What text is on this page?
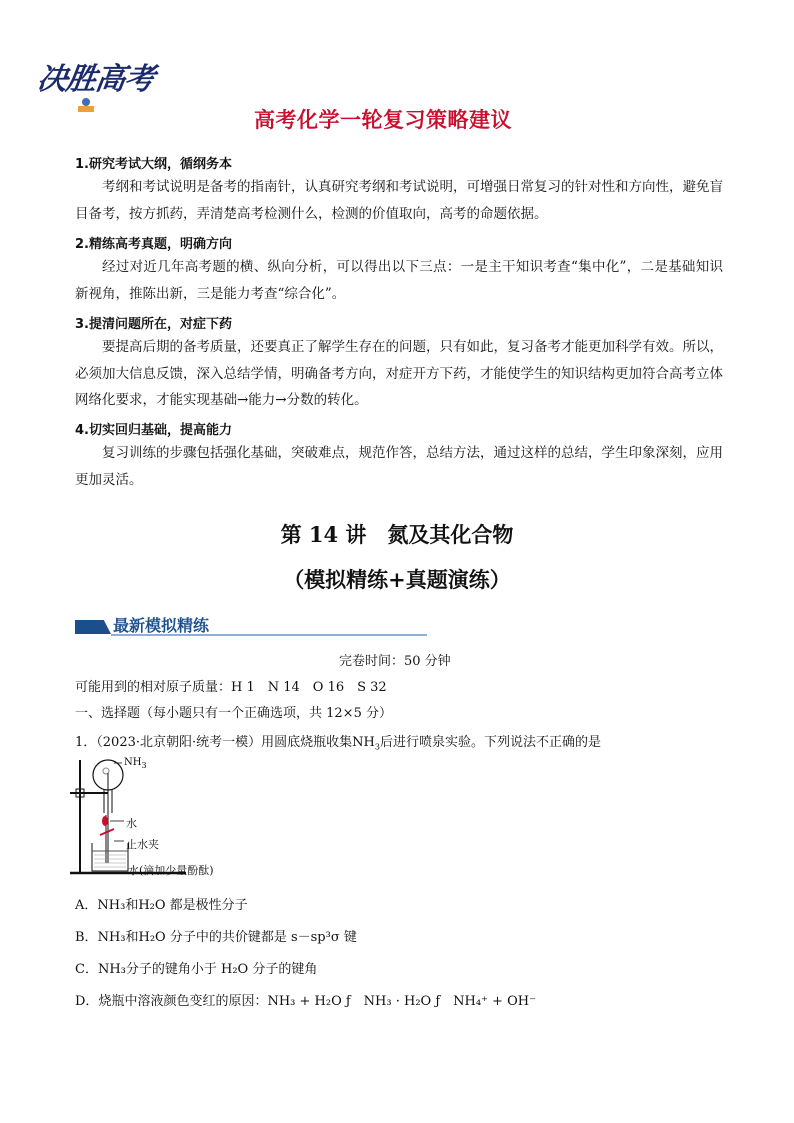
决胜高考
高考化学一轮复习策略建议
1.研究考试大纲，循纲务本
考纲和考试说明是备考的指南针，认真研究考纲和考试说明，可增强日常复习的针对性和方向性，避免盲目备考，按方抓药，弄清楚高考检测什么，检测的价值取向，高考的命题依据。
2.精练高考真题，明确方向
经过对近几年高考题的横、纵向分析，可以得出以下三点：一是主干知识考查“集中化”，二是基础知识新视角，推陈出新，三是能力考查“综合化”。
3.提清问题所在，对症下药
要提高后期的备考质量，还要真正了解学生存在的问题，只有如此，复习备考才能更加科学有效。所以，必须加大信息反馈，深入总结学情，明确备考方向，对症开方下药，才能使学生的知识结构更加符合高考立体网络化要求，才能实现基础→能力→分数的转化。
4.切实回归基础，提高能力
复习训练的步骤包括强化基础，突破难点，规范作答，总结方法，通过这样的总结，学生印象深刻，应用更加灵活。
第 14 讲　氮及其化合物
（模拟精练+真题演练）
最新模拟精练
完卷时间：50 分钟
可能用到的相对原子质量：H 1　N 14　O 16　S 32
一、选择题（每小题只有一个正确选项，共 12×5 分）
1．（2023·北京朝阳·统考一模）用圆底烧瓶收集$NH_3$后进行喷泉实验。下列说法不正确的是
$NH_3$
水
止水夹
水(滴加少量酚酞)
A．NH₃和H₂O 都是极性分子
B．NH₃和H₂O 分子中的共价键都是 s－sp³σ 键
C．NH₃分子的键角小于 H₂O 分子的键角
D．烧瓶中溶液颜色变红的原因：NH₃ + H₂O ƒ　NH₃ · H₂O ƒ　NH₄⁺ + OH⁻
